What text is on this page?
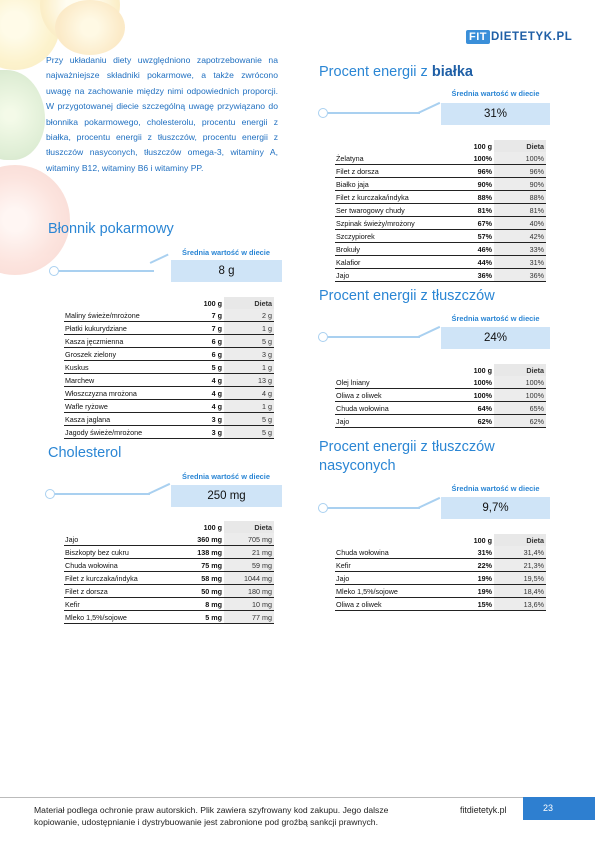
FIT DIETETYK.PL
Przy układaniu diety uwzględniono zapotrzebowanie na najważniejsze składniki pokarmowe, a także zwrócono uwagę na zachowanie między nimi odpowiednich proporcji. W przygotowanej diecie szczególną uwagę przywiązano do błonnika pokarmowego, cholesterolu, procentu energii z białka, procentu energii z tłuszczów, procentu energii z tłuszczów nasyconych, tłuszczów omega-3, witaminy A, witaminy B12, witaminy B6 i witaminy PP.
Błonnik pokarmowy
Średnia wartość w diecie
8 g
	100 g	Dieta
Maliny świeże/mrożone	7 g	2 g
Płatki kukurydziane	7 g	1 g
Kasza jęczmienna	6 g	5 g
Groszek zielony	6 g	3 g
Kuskus	5 g	1 g
Marchew	4 g	13 g
Włoszczyzna mrożona	4 g	4 g
Wafle ryżowe	4 g	1 g
Kasza jaglana	3 g	5 g
Jagody świeże/mrożone	3 g	5 g
Cholesterol
Średnia wartość w diecie
250 mg
	100 g	Dieta
Jajo	360 mg	705 mg
Biszkopty bez cukru	138 mg	21 mg
Chuda wołowina	75 mg	59 mg
Filet z kurczaka/indyka	58 mg	1044 mg
Filet z dorsza	50 mg	180 mg
Kefir	8 mg	10 mg
Mleko 1,5%/sojowe	5 mg	77 mg
Procent energii z białka
Średnia wartość w diecie
31%
	100 g	Dieta
Żelatyna	100%	100%
Filet z dorsza	96%	96%
Białko jaja	90%	90%
Filet z kurczaka/indyka	88%	88%
Ser twarogowy chudy	81%	81%
Szpinak świeży/mrożony	67%	40%
Szczypiorek	57%	42%
Brokuły	46%	33%
Kalafior	44%	31%
Jajo	36%	36%
Procent energii z tłuszczów
Średnia wartość w diecie
24%
	100 g	Dieta
Olej lniany	100%	100%
Oliwa z oliwek	100%	100%
Chuda wołowina	64%	65%
Jajo	62%	62%
Procent energii z tłuszczów
nasyconych
Średnia wartość w diecie
9,7%
	100 g	Dieta
Chuda wołowina	31%	31,4%
Kefir	22%	21,3%
Jajo	19%	19,5%
Mleko 1,5%/sojowe	19%	18,4%
Oliwa z oliwek	15%	13,6%
Materiał podlega ochronie praw autorskich. Plik zawiera szyfrowany kod zakupu. Jego dalsze
kopiowanie, udostępnianie i dystrybuowanie jest zabronione pod groźbą sankcji prawnych.
fitdietetyk.pl	23
